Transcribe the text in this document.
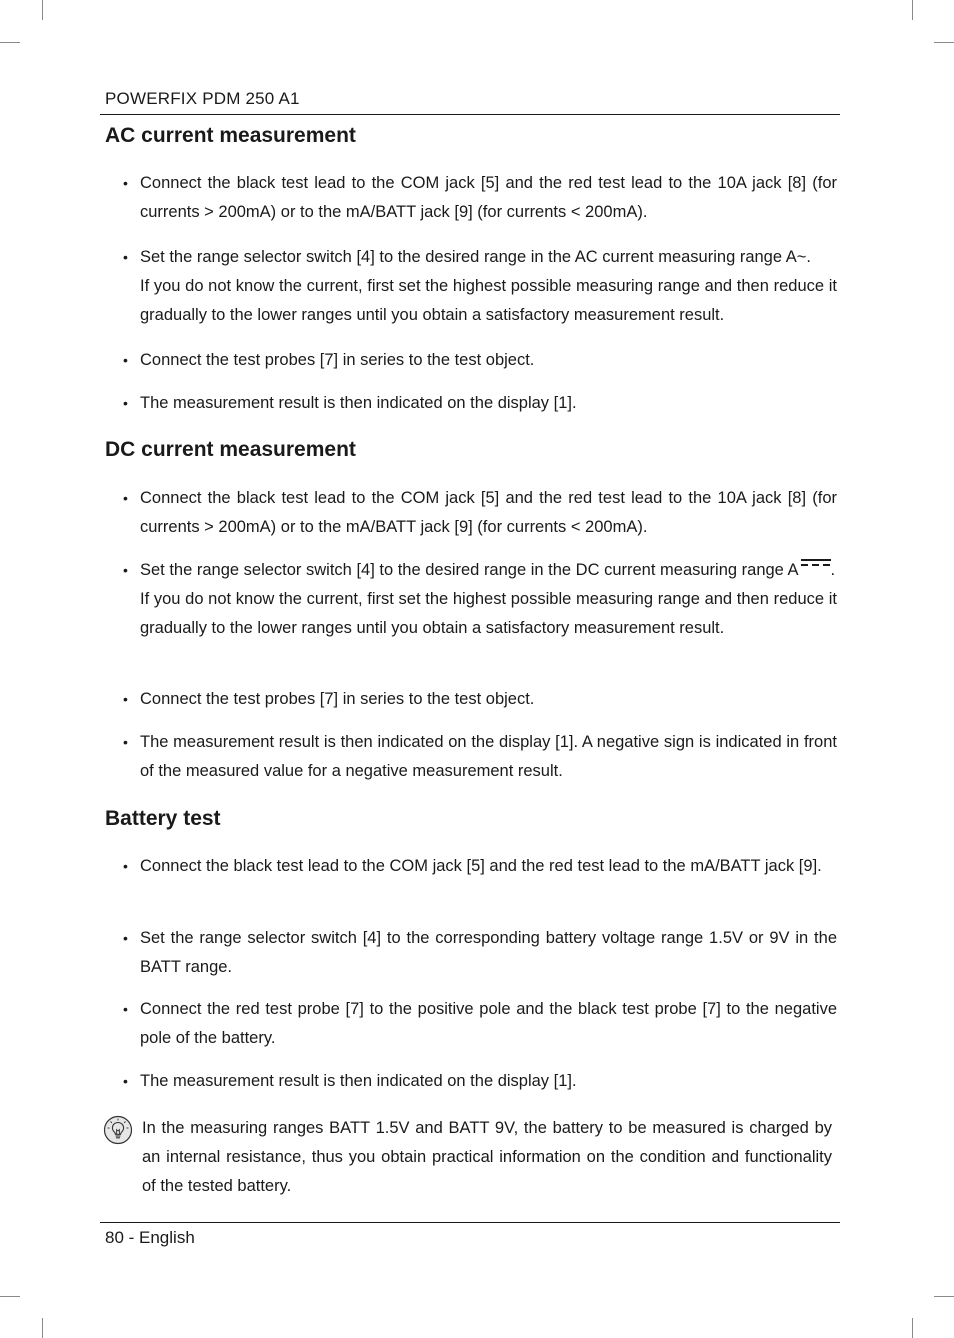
POWERFIX PDM 250 A1
AC current measurement
• Connect the black test lead to the COM jack [5] and the red test lead to the 10A jack [8] (for currents > 200mA) or to the mA/BATT jack [9] (for currents < 200mA).

• Set the range selector switch [4] to the desired range in the AC current measuring range A~.

If you do not know the current, first set the highest possible measuring range and then reduce it gradually to the lower ranges until you obtain a satisfactory measurement result.

• Connect the test probes [7] in series to the test object.

• The measurement result is then indicated on the display [1].

DC current measurement
• Connect the black test lead to the COM jack [5] and the red test lead to the 10A jack [8] (for currents > 200mA) or to the mA/BATT jack [9] (for currents < 200mA).

• Set the range selector switch [4] to the desired range in the DC current measuring range A .

If you do not know the current, first set the highest possible measuring range and then reduce it gradually to the lower ranges until you obtain a satisfactory measurement result.

• Connect the test probes [7] in series to the test object.

• The measurement result is then indicated on the display [1]. A negative sign is indicated in front of the measured value for a negative measurement result.

Battery test
• Connect the black test lead to the COM jack [5] and the red test lead to the mA/BATT jack [9].

• Set the range selector switch [4] to the corresponding battery voltage range 1.5V or 9V in the BATT range.

• Connect the red test probe [7] to the positive pole and the black test probe [7] to the negative pole of the battery.

• The measurement result is then indicated on the display [1].

In the measuring ranges BATT 1.5V and BATT 9V, the battery to be measured is charged by an internal resistance, thus you obtain practical information on the condition and functionality of the tested battery.
80 - English
